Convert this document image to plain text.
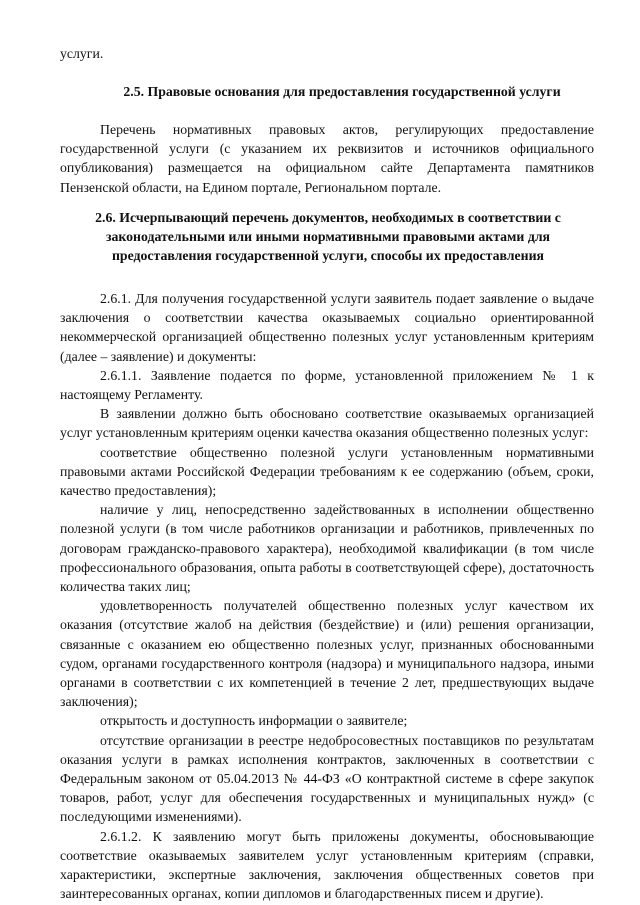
услуги.

2.5. Правовые основания для предоставления государственной услуги

Перечень нормативных правовых актов, регулирующих предоставление государственной услуги (с указанием их реквизитов и источников официального опубликования) размещается на официальном сайте Департамента памятников Пензенской области, на Едином портале, Региональном портале.

2.6. Исчерпывающий перечень документов, необходимых в соответствии с законодательными или иными нормативными правовыми актами для предоставления государственной услуги, способы их предоставления

2.6.1. Для получения государственной услуги заявитель подает заявление о выдаче заключения о соответствии качества оказываемых социально ориентированной некоммерческой организацией общественно полезных услуг установленным критериям (далее – заявление) и документы:

2.6.1.1. Заявление подается по форме, установленной приложением № 1 к настоящему Регламенту.

В заявлении должно быть обосновано соответствие оказываемых организацией услуг установленным критериям оценки качества оказания общественно полезных услуг:

соответствие общественно полезной услуги установленным нормативными правовыми актами Российской Федерации требованиям к ее содержанию (объем, сроки, качество предоставления);

наличие у лиц, непосредственно задействованных в исполнении общественно полезной услуги (в том числе работников организации и работников, привлеченных по договорам гражданско-правового характера), необходимой квалификации (в том числе профессионального образования, опыта работы в соответствующей сфере), достаточность количества таких лиц;

удовлетворенность получателей общественно полезных услуг качеством их оказания (отсутствие жалоб на действия (бездействие) и (или) решения организации, связанные с оказанием ею общественно полезных услуг, признанных обоснованными судом, органами государственного контроля (надзора) и муниципального надзора, иными органами в соответствии с их компетенцией в течение 2 лет, предшествующих выдаче заключения);

открытость и доступность информации о заявителе;

отсутствие организации в реестре недобросовестных поставщиков по результатам оказания услуги в рамках исполнения контрактов, заключенных в соответствии с Федеральным законом от 05.04.2013 № 44-ФЗ «О контрактной системе в сфере закупок товаров, работ, услуг для обеспечения государственных и муниципальных нужд» (с последующими изменениями).

2.6.1.2. К заявлению могут быть приложены документы, обосновывающие соответствие оказываемых заявителем услуг установленным критериям (справки, характеристики, экспертные заключения, заключения общественных советов при заинтересованных органах, копии дипломов и благодарственных писем и другие).
